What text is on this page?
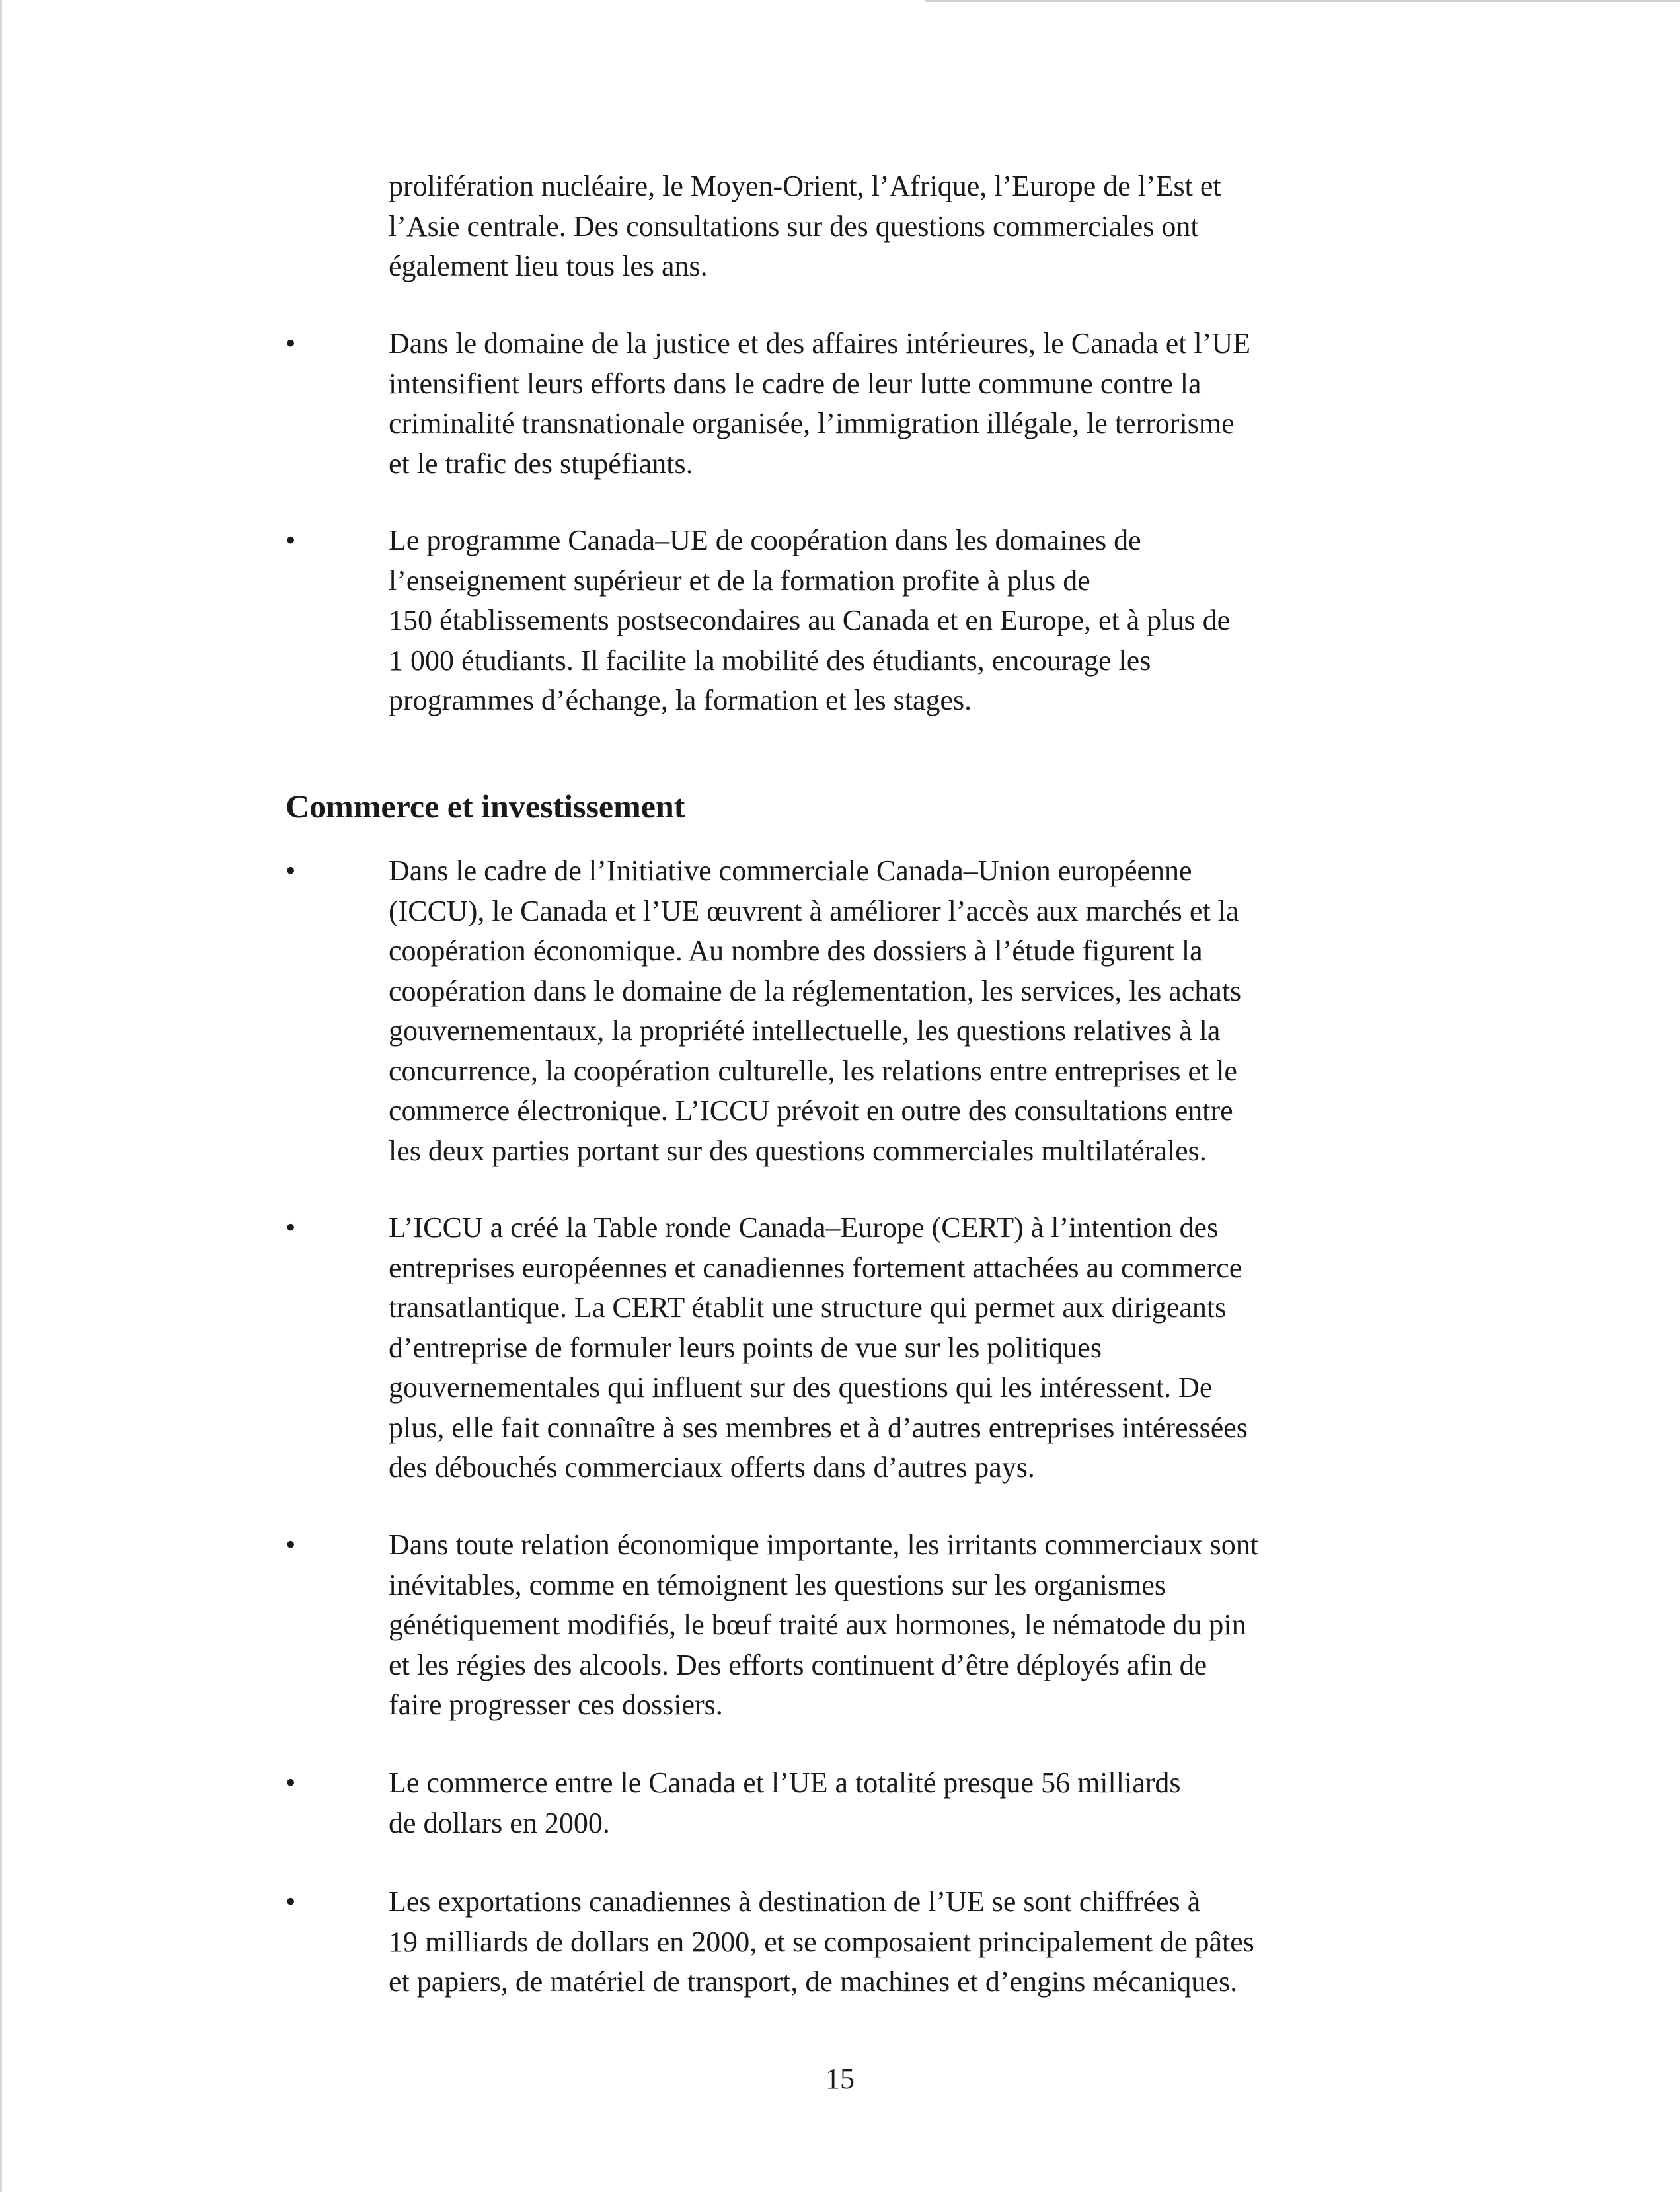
prolifération nucléaire, le Moyen-Orient, l’Afrique, l’Europe de l’Est et
l’Asie centrale. Des consultations sur des questions commerciales ont
également lieu tous les ans.

•	Dans le domaine de la justice et des affaires intérieures, le Canada et l’UE
intensifient leurs efforts dans le cadre de leur lutte commune contre la
criminalité transnationale organisée, l’immigration illégale, le terrorisme
et le trafic des stupéfiants.

•	Le programme Canada–UE de coopération dans les domaines de
l’enseignement supérieur et de la formation profite à plus de
150 établissements postsecondaires au Canada et en Europe, et à plus de
1 000 étudiants. Il facilite la mobilité des étudiants, encourage les
programmes d’échange, la formation et les stages.

Commerce et investissement

•	Dans le cadre de l’Initiative commerciale Canada–Union européenne
(ICCU), le Canada et l’UE œuvrent à améliorer l’accès aux marchés et la
coopération économique. Au nombre des dossiers à l’étude figurent la
coopération dans le domaine de la réglementation, les services, les achats
gouvernementaux, la propriété intellectuelle, les questions relatives à la
concurrence, la coopération culturelle, les relations entre entreprises et le
commerce électronique. L’ICCU prévoit en outre des consultations entre
les deux parties portant sur des questions commerciales multilatérales.

•	L’ICCU a créé la Table ronde Canada–Europe (CERT) à l’intention des
entreprises européennes et canadiennes fortement attachées au commerce
transatlantique. La CERT établit une structure qui permet aux dirigeants
d’entreprise de formuler leurs points de vue sur les politiques
gouvernementales qui influent sur des questions qui les intéressent. De
plus, elle fait connaître à ses membres et à d’autres entreprises intéressées
des débouchés commerciaux offerts dans d’autres pays.

•	Dans toute relation économique importante, les irritants commerciaux sont
inévitables, comme en témoignent les questions sur les organismes
génétiquement modifiés, le bœuf traité aux hormones, le nématode du pin
et les régies des alcools. Des efforts continuent d’être déployés afin de
faire progresser ces dossiers.

•	Le commerce entre le Canada et l’UE a totalité presque 56 milliards
de dollars en 2000.

•	Les exportations canadiennes à destination de l’UE se sont chiffrées à
19 milliards de dollars en 2000, et se composaient principalement de pâtes
et papiers, de matériel de transport, de machines et d’engins mécaniques.

15
